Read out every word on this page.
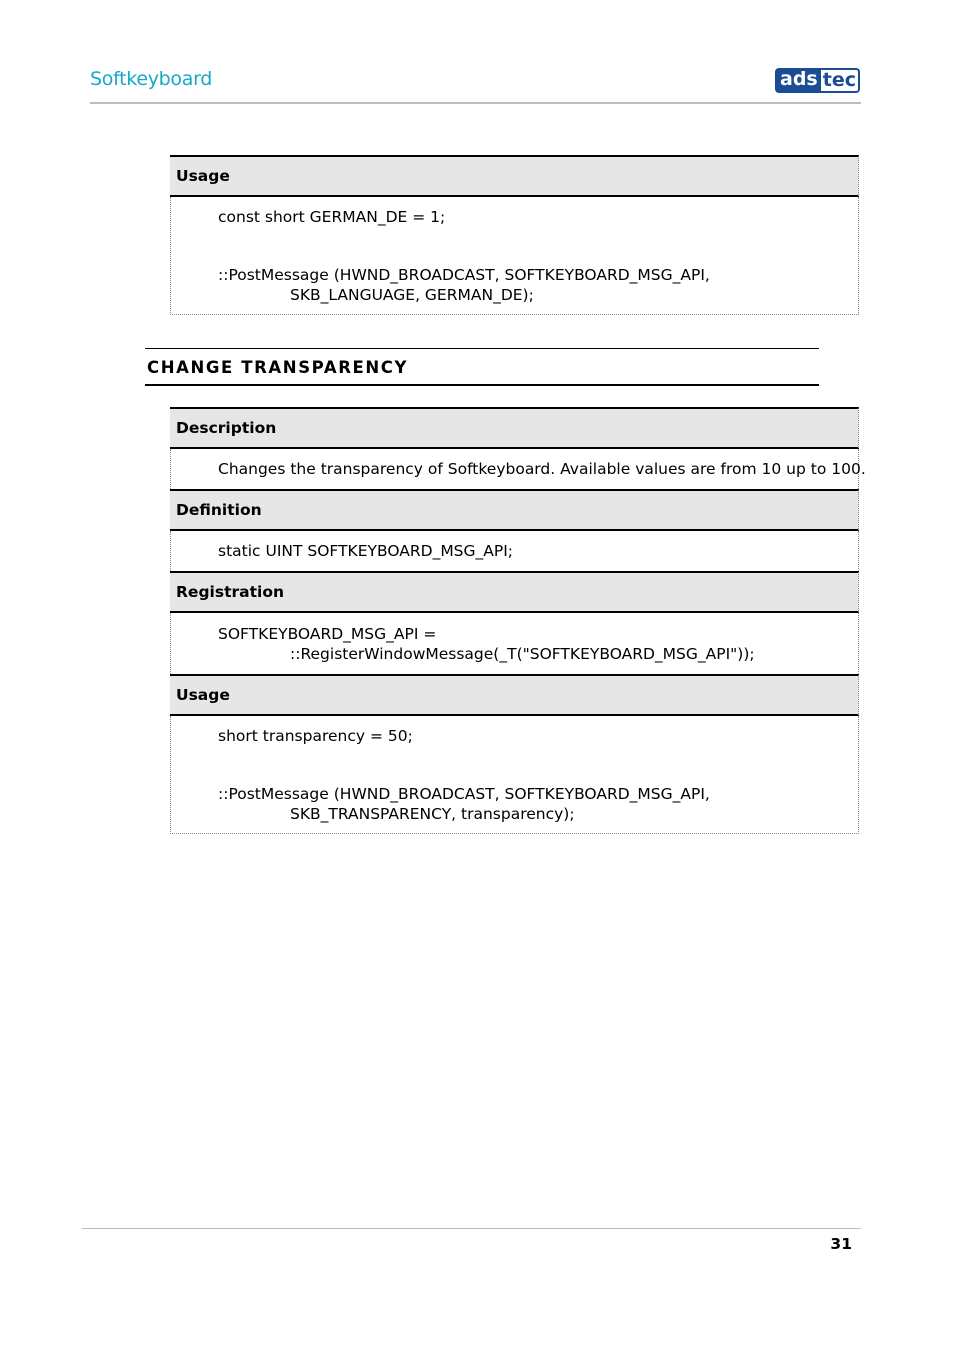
Softkeyboard	ads tec
Usage
const short GERMAN_DE = 1;
::PostMessage (HWND_BROADCAST, SOFTKEYBOARD_MSG_API,
SKB_LANGUAGE, GERMAN_DE);
CHANGE TRANSPARENCY
Description
Changes the transparency of Softkeyboard. Available values are from 10 up to 100.
Definition
static UINT SOFTKEYBOARD_MSG_API;
Registration
SOFTKEYBOARD_MSG_API =
::RegisterWindowMessage(_T("SOFTKEYBOARD_MSG_API"));
Usage
short transparency = 50;
::PostMessage (HWND_BROADCAST, SOFTKEYBOARD_MSG_API,
SKB_TRANSPARENCY, transparency);
31
